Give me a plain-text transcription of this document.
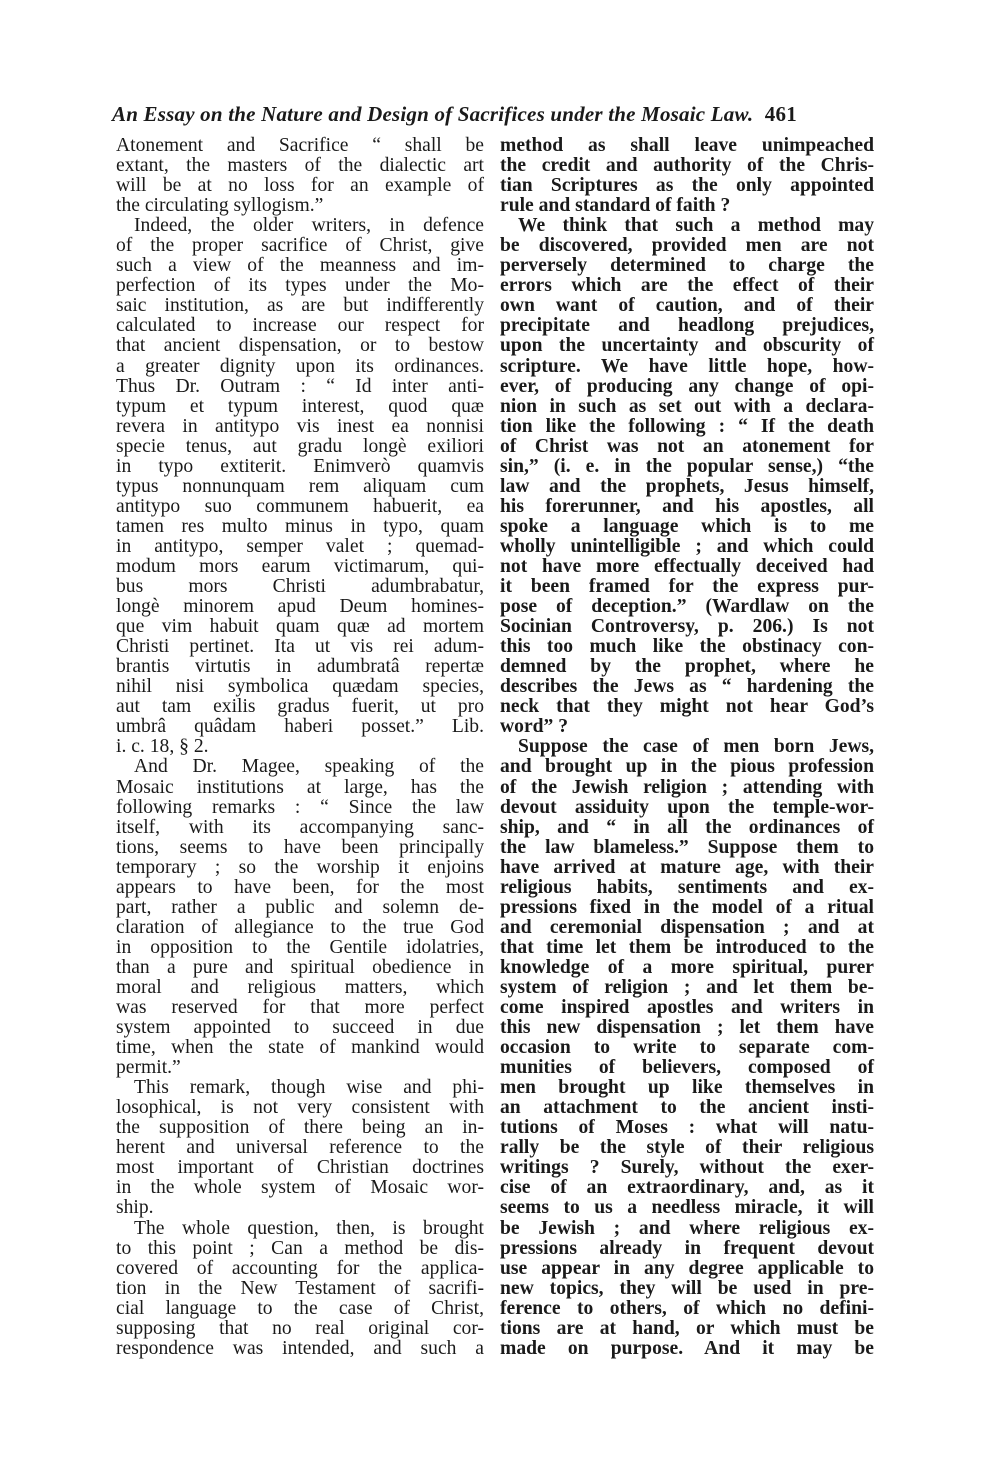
An Essay on the Nature and Design of Sacrifices under the Mosaic Law. 461
Atonement and Sacrifice “ shall be
extant, the masters of the dialectic art
will be at no loss for an example of
the circulating syllogism.”
Indeed, the older writers, in defence
of the proper sacrifice of Christ, give
such a view of the meanness and im-
perfection of its types under the Mo-
saic institution, as are but indifferently
calculated to increase our respect for
that ancient dispensation, or to bestow
a greater dignity upon its ordinances.
Thus Dr. Outram : “ Id inter anti-
typum et typum interest, quod quæ
revera in antitypo vis inest ea nonnisi
specie tenus, aut gradu longè exiliori
in typo extiterit. Enimverò quamvis
typus nonnunquam rem aliquam cum
antitypo suo communem habuerit, ea
tamen res multo minus in typo, quam
in antitypo, semper valet ; quemad-
modum mors earum victimarum, qui-
bus mors Christi adumbrabatur,
longè minorem apud Deum homines-
que vim habuit quam quæ ad mortem
Christi pertinet. Ita ut vis rei adum-
brantis virtutis in adumbratâ repertæ
nihil nisi symbolica quædam species,
aut tam exilis gradus fuerit, ut pro
umbrâ quâdam haberi posset.” Lib.
i. c. 18, § 2.
And Dr. Magee, speaking of the
Mosaic institutions at large, has the
following remarks : “ Since the law
itself, with its accompanying sanc-
tions, seems to have been principally
temporary ; so the worship it enjoins
appears to have been, for the most
part, rather a public and solemn de-
claration of allegiance to the true God
in opposition to the Gentile idolatries,
than a pure and spiritual obedience in
moral and religious matters, which
was reserved for that more perfect
system appointed to succeed in due
time, when the state of mankind would
permit.”
This remark, though wise and phi-
losophical, is not very consistent with
the supposition of there being an in-
herent and universal reference to the
most important of Christian doctrines
in the whole system of Mosaic wor-
ship.
The whole question, then, is brought
to this point ; Can a method be dis-
covered of accounting for the applica-
tion in the New Testament of sacrifi-
cial language to the case of Christ,
supposing that no real original cor-
respondence was intended, and such a
method as shall leave unimpeached
the credit and authority of the Chris-
tian Scriptures as the only appointed
rule and standard of faith ?
We think that such a method may
be discovered, provided men are not
perversely determined to charge the
errors which are the effect of their
own want of caution, and of their
precipitate and headlong prejudices,
upon the uncertainty and obscurity of
scripture. We have little hope, how-
ever, of producing any change of opi-
nion in such as set out with a declara-
tion like the following : “ If the death
of Christ was not an atonement for
sin,” (i. e. in the popular sense,) “the
law and the prophets, Jesus himself,
his forerunner, and his apostles, all
spoke a language which is to me
wholly unintelligible ; and which could
not have more effectually deceived had
it been framed for the express pur-
pose of deception.” (Wardlaw on the
Socinian Controversy, p. 206.) Is not
this too much like the obstinacy con-
demned by the prophet, where he
describes the Jews as “ hardening the
neck that they might not hear God’s
word” ?
Suppose the case of men born Jews,
and brought up in the pious profession
of the Jewish religion ; attending with
devout assiduity upon the temple-wor-
ship, and “ in all the ordinances of
the law blameless.” Suppose them to
have arrived at mature age, with their
religious habits, sentiments and ex-
pressions fixed in the model of a ritual
and ceremonial dispensation ; and at
that time let them be introduced to the
knowledge of a more spiritual, purer
system of religion ; and let them be-
come inspired apostles and writers in
this new dispensation ; let them have
occasion to write to separate com-
munities of believers, composed of
men brought up like themselves in
an attachment to the ancient insti-
tutions of Moses : what will natu-
rally be the style of their religious
writings ? Surely, without the exer-
cise of an extraordinary, and, as it
seems to us a needless miracle, it will
be Jewish ; and where religious ex-
pressions already in frequent devout
use appear in any degree applicable to
new topics, they will be used in pre-
ference to others, of which no defini-
tions are at hand, or which must be
made on purpose. And it may be
